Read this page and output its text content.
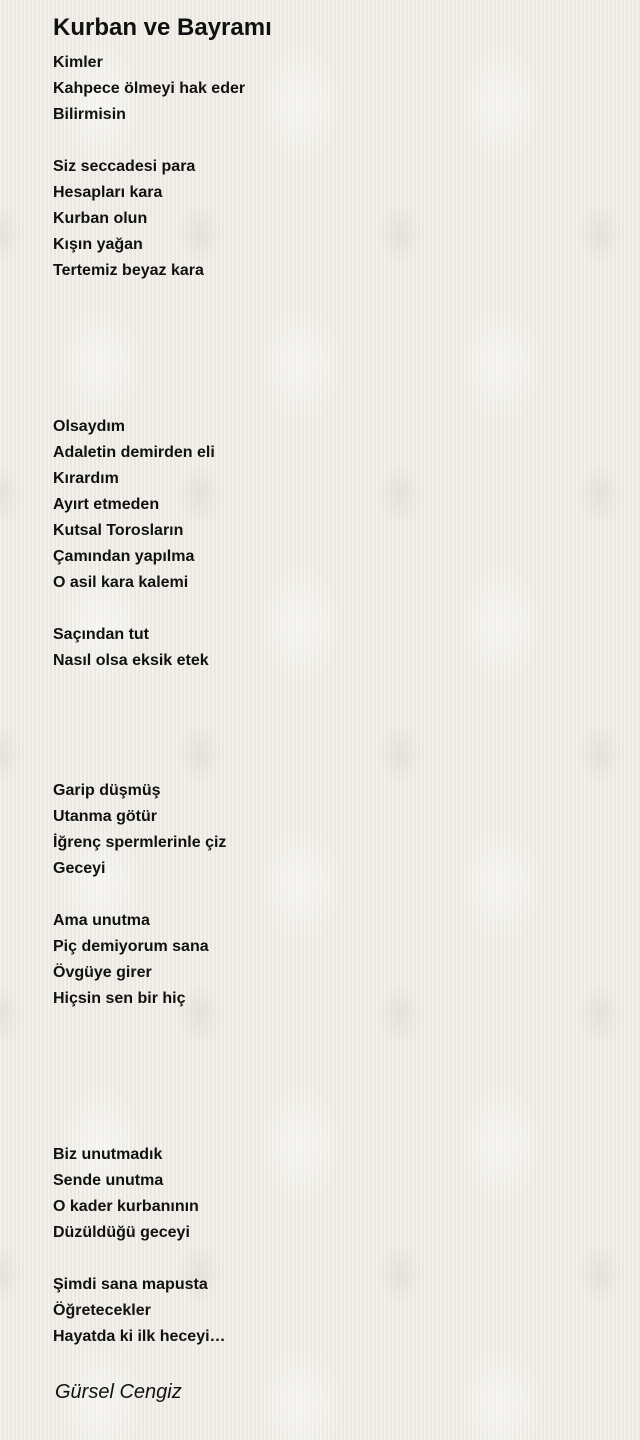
Kurban ve Bayramı
Kimler
Kahpece ölmeyi hak eder
Bilirmisin
Siz seccadesi para
Hesapları kara
Kurban olun
Kışın yağan
Tertemiz beyaz kara
Olsaydım
Adaletin demirden eli
Kırardım
Ayırt etmeden
Kutsal Torosların
Çamından yapılma
O asil kara kalemi
Saçından tut
Nasıl olsa eksik etek
Garip düşmüş
Utanma götür
İğrenç spermlerinle çiz
Geceyi
Ama unutma
Piç demiyorum sana
Övgüye girer
Hiçsin sen bir hiç
Biz unutmadık
Sende unutma
O kader kurbanının
Düzüldüğü geceyi
Şimdi sana mapusta
Öğretecekler
Hayatda ki ilk heceyi…
Gürsel Cengiz
